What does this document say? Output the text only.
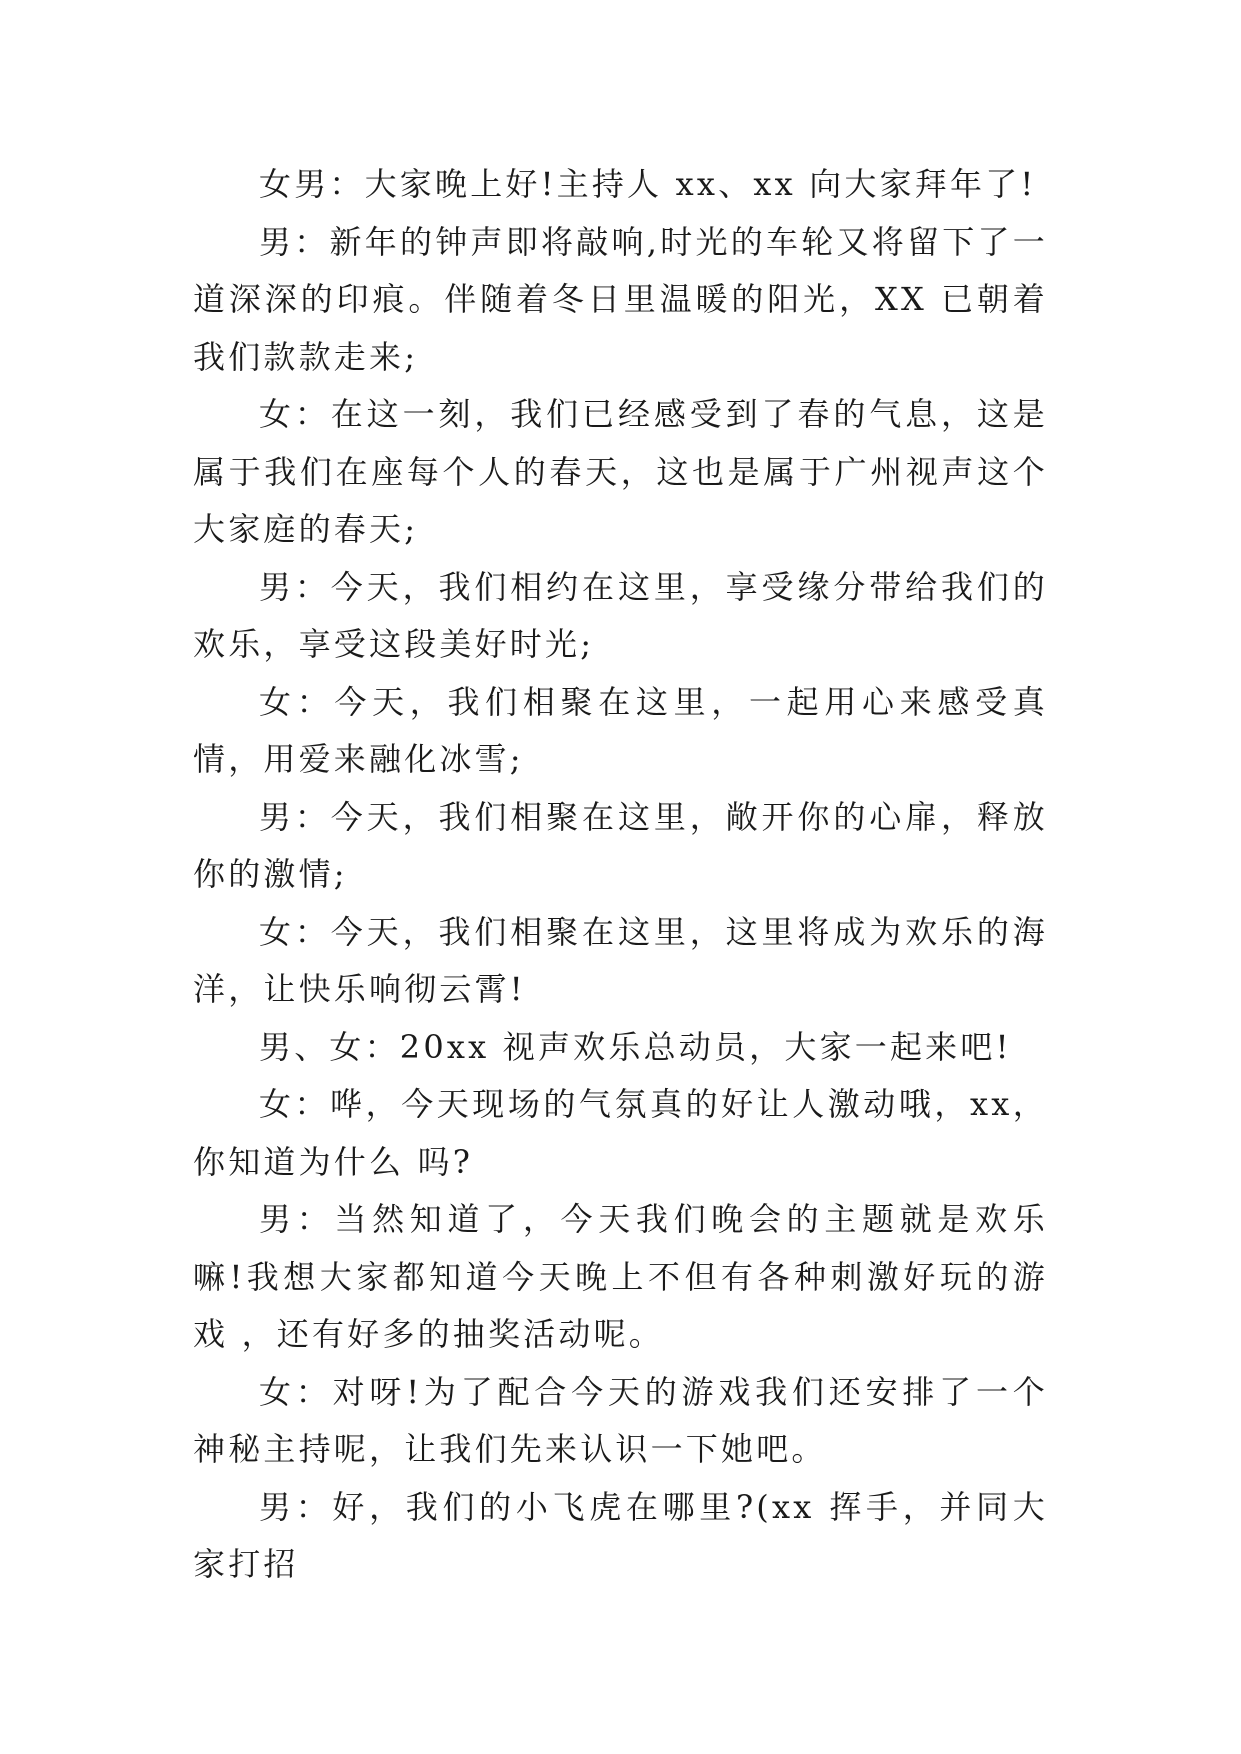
女男：大家晚上好!主持人 xx、xx 向大家拜年了!

男：新年的钟声即将敲响,时光的车轮又将留下了一道深深的印痕。伴随着冬日里温暖的阳光，XX 已朝着我们款款走来;

女：在这一刻，我们已经感受到了春的气息，这是属于我们在座每个人的春天，这也是属于广州视声这个大家庭的春天;

男：今天，我们相约在这里，享受缘分带给我们的欢乐，享受这段美好时光;

女：今天，我们相聚在这里，一起用心来感受真情，用爱来融化冰雪;

男：今天，我们相聚在这里，敞开你的心扉，释放你的激情;

女：今天，我们相聚在这里，这里将成为欢乐的海洋，让快乐响彻云霄!

男、女：20xx 视声欢乐总动员，大家一起来吧!

女：哗，今天现场的气氛真的好让人激动哦，xx，你知道为什么 吗?

男：当然知道了，今天我们晚会的主题就是欢乐嘛!我想大家都知道今天晚上不但有各种刺激好玩的游戏 ，还有好多的抽奖活动呢。

女：对呀!为了配合今天的游戏我们还安排了一个神秘主持呢，让我们先来认识一下她吧。

男：好，我们的小飞虎在哪里?(xx 挥手，并同大家打招
